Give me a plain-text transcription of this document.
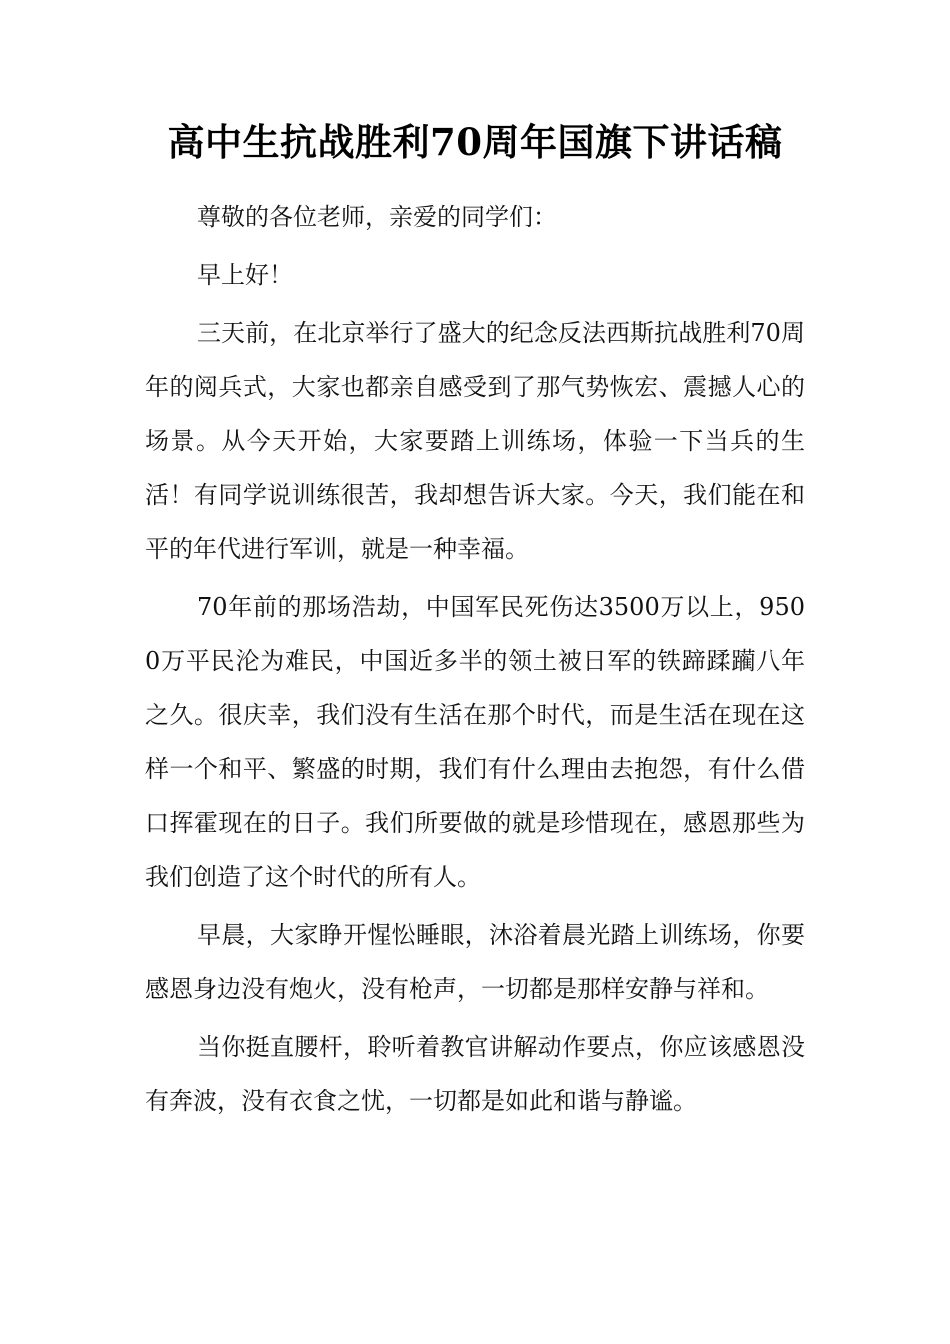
高中生抗战胜利70周年国旗下讲话稿

尊敬的各位老师，亲爱的同学们：

早上好！

三天前，在北京举行了盛大的纪念反法西斯抗战胜利70周年的阅兵式，大家也都亲自感受到了那气势恢宏、震撼人心的场景。从今天开始，大家要踏上训练场，体验一下当兵的生活！有同学说训练很苦，我却想告诉大家。今天，我们能在和平的年代进行军训，就是一种幸福。

70年前的那场浩劫，中国军民死伤达3500万以上，9500万平民沦为难民，中国近多半的领土被日军的铁蹄蹂躏八年之久。很庆幸，我们没有生活在那个时代，而是生活在现在这样一个和平、繁盛的时期，我们有什么理由去抱怨，有什么借口挥霍现在的日子。我们所要做的就是珍惜现在，感恩那些为我们创造了这个时代的所有人。

早晨，大家睁开惺忪睡眼，沐浴着晨光踏上训练场，你要感恩身边没有炮火，没有枪声，一切都是那样安静与祥和。

当你挺直腰杆，聆听着教官讲解动作要点，你应该感恩没有奔波，没有衣食之忧，一切都是如此和谐与静谧。
